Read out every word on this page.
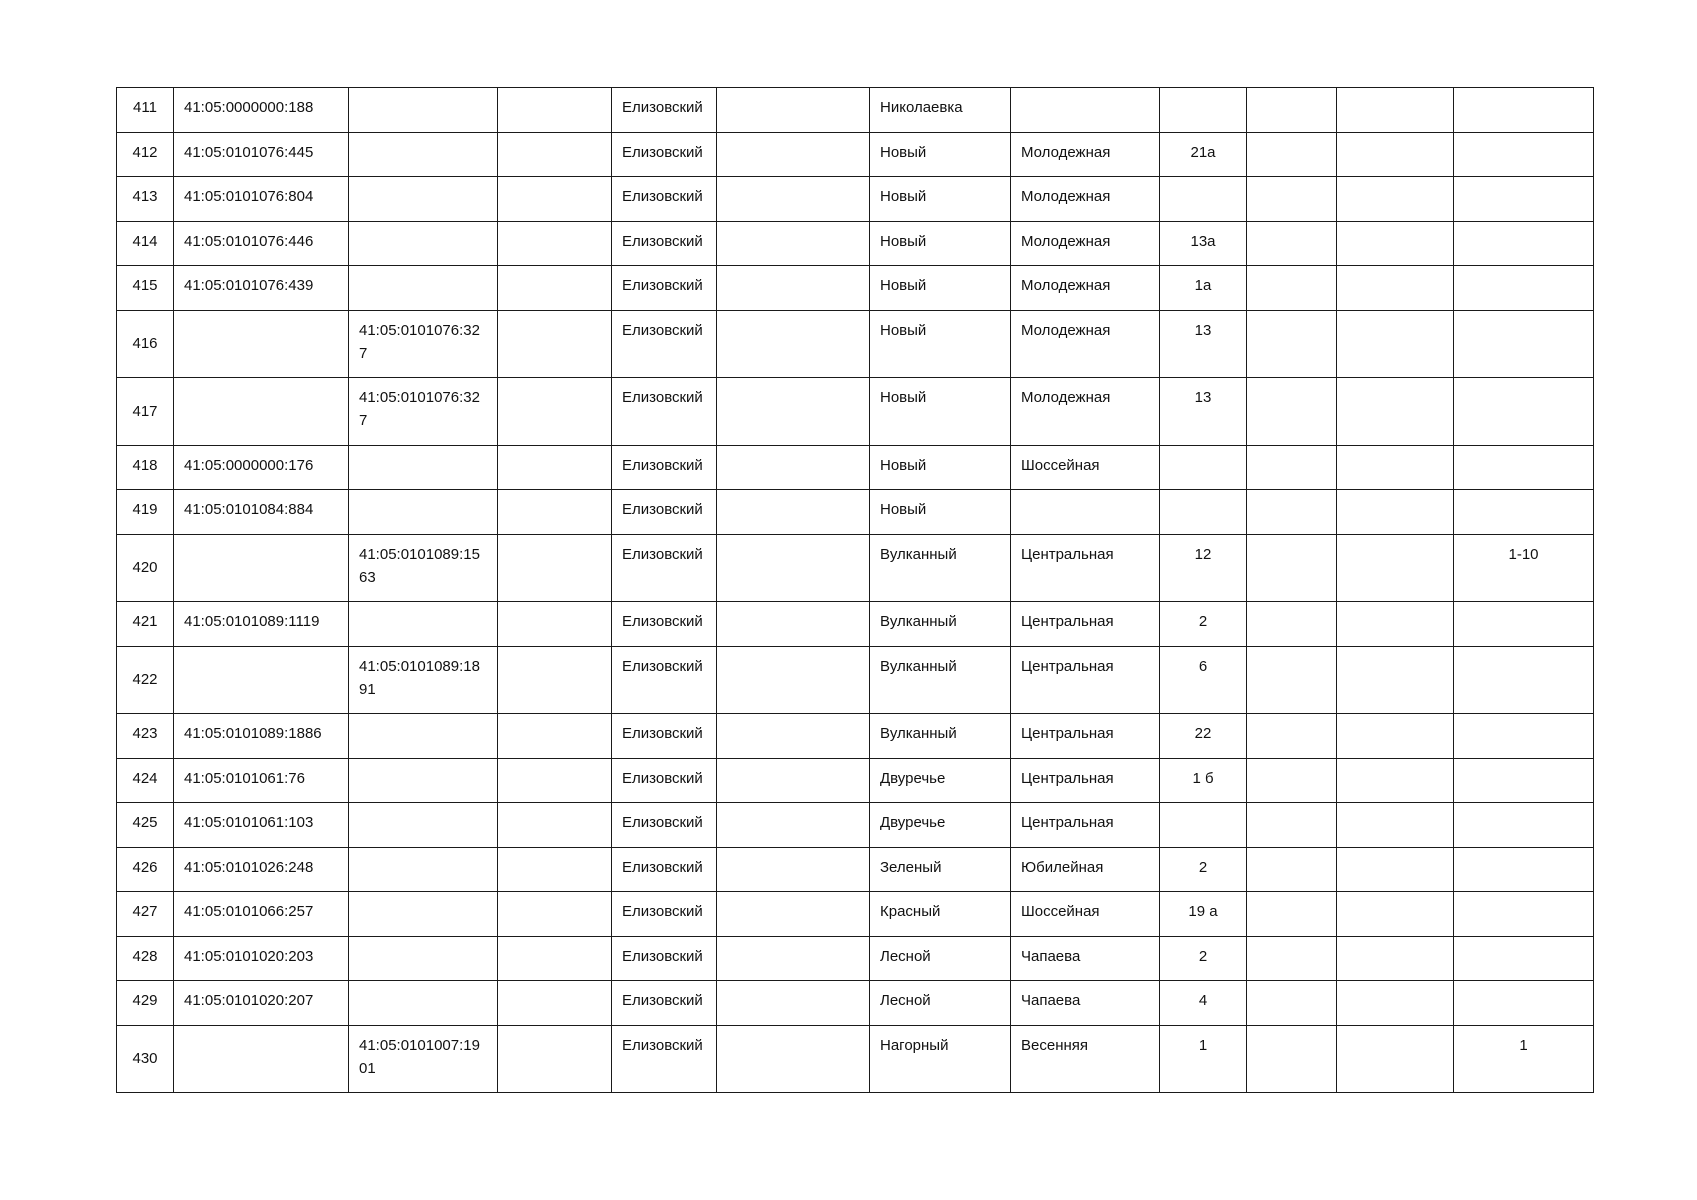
411	41:05:0000000:188			Елизовский		Николаевка					
412	41:05:0101076:445			Елизовский		Новый	Молодежная	21а			
413	41:05:0101076:804			Елизовский		Новый	Молодежная				
414	41:05:0101076:446			Елизовский		Новый	Молодежная	13а			
415	41:05:0101076:439			Елизовский		Новый	Молодежная	1а			
416		41:05:0101076:327		Елизовский		Новый	Молодежная	13			
417		41:05:0101076:327		Елизовский		Новый	Молодежная	13			
418	41:05:0000000:176			Елизовский		Новый	Шоссейная				
419	41:05:0101084:884			Елизовский		Новый					
420		41:05:0101089:1563		Елизовский		Вулканный	Центральная	12			1-10
421	41:05:0101089:1119			Елизовский		Вулканный	Центральная	2			
422		41:05:0101089:1891		Елизовский		Вулканный	Центральная	6			
423	41:05:0101089:1886			Елизовский		Вулканный	Центральная	22			
424	41:05:0101061:76			Елизовский		Двуречье	Центральная	1 б			
425	41:05:0101061:103			Елизовский		Двуречье	Центральная				
426	41:05:0101026:248			Елизовский		Зеленый	Юбилейная	2			
427	41:05:0101066:257			Елизовский		Красный	Шоссейная	19 а			
428	41:05:0101020:203			Елизовский		Лесной	Чапаева	2			
429	41:05:0101020:207			Елизовский		Лесной	Чапаева	4			
430		41:05:0101007:1901		Елизовский		Нагорный	Весенняя	1			1
